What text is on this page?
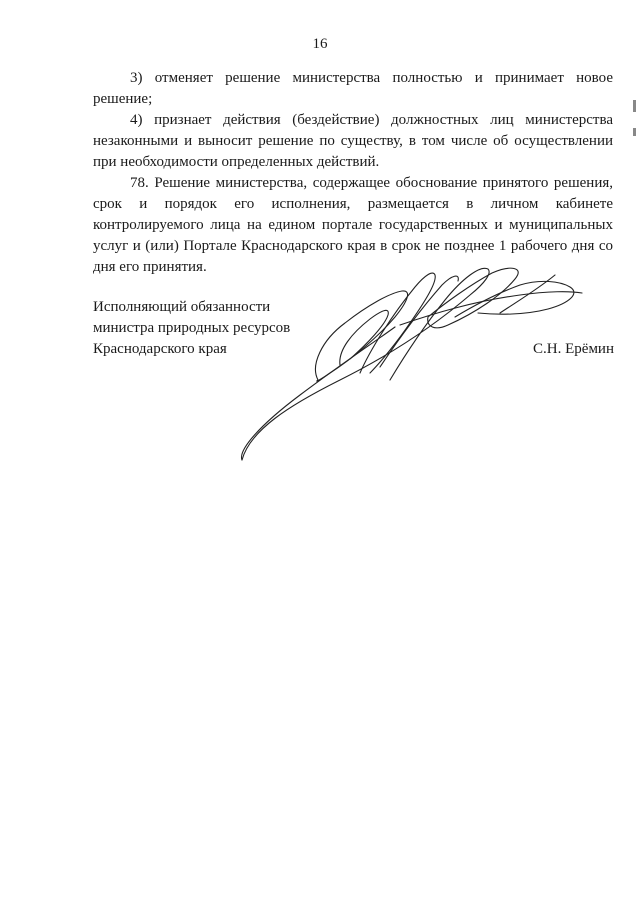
16

3) отменяет решение министерства полностью и принимает новое решение;

4) признает действия (бездействие) должностных лиц министерства незаконными и выносит решение по существу, в том числе об осуществлении при необходимости определенных действий.

78. Решение министерства, содержащее обоснование принятого решения, срок и порядок его исполнения, размещается в личном кабинете контролируемого лица на едином портале государственных и муниципальных услуг и (или) Портале Краснодарского края в срок не позднее 1 рабочего дня со дня его принятия.

Исполняющий обязанности
министра природных ресурсов
Краснодарского края	С.Н. Ерёмин
